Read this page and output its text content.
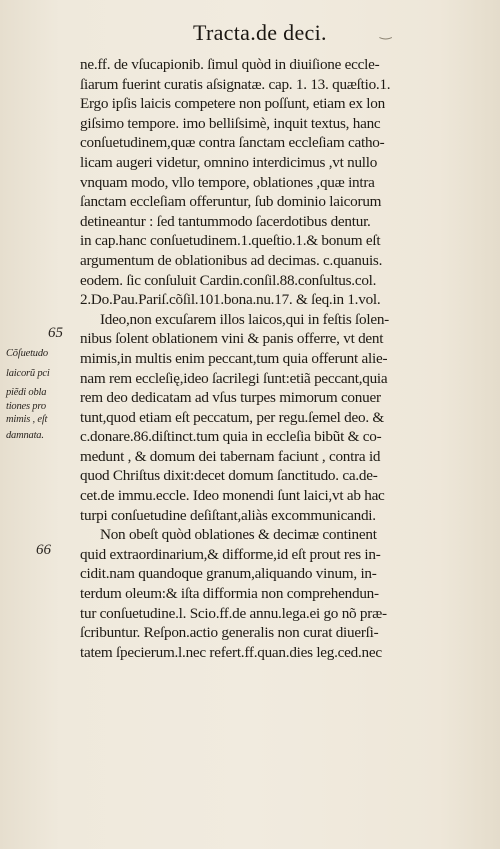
Tracta.de deci.	‿
65
66
Cõſuetudo
laicorũ pci
piẽdi obla
tiones pro
mimis , eſt
damnata.
ne.ff. de vſucapionib. ſimul quòd in diuiſione eccle-
ſiarum fuerint curatis aſsignatæ. cap. 1. 13. quæſtio.1.
Ergo ipſis laicis competere non poſſunt, etiam ex lon
giſsimo tempore. imo belliſsimè, inquit textus, hanc
conſuetudinem,quæ contra ſanctam eccleſiam catho-
licam augeri videtur, omnino interdicimus ,vt nullo
vnquam modo, vllo tempore, oblationes ,quæ intra
ſanctam eccleſiam offeruntur, ſub dominio laicorum
detineantur : ſed tantummodo ſacerdotibus dentur.
in cap.hanc conſuetudinem.1.queſtio.1.& bonum eſt
argumentum de oblationibus ad decimas. c.quanuis.
eodem. ſic conſuluit Cardin.conſil.88.conſultus.col.
2.Do.Pau.Pariſ.cõſil.101.bona.nu.17. & ſeq.in 1.vol.
Ideo,non excuſarem illos laicos,qui in feſtis ſolen-
nibus ſolent oblationem vini & panis offerre, vt dent
mimis,in multis enim peccant,tum quia offerunt alie-
nam rem eccleſię,ideo ſacrilegi ſunt:etiã peccant,quia
rem deo dedicatam ad vſus turpes mimorum conuer
tunt,quod etiam eſt peccatum, per regu.ſemel deo. &
c.donare.86.diſtinct.tum quia in eccleſia bibũt & co-
medunt , & domum dei tabernam faciunt , contra id
quod Chriſtus dixit:decet domum ſanctitudo. ca.de-
cet.de immu.eccle. Ideo monendi ſunt laici,vt ab hac
turpi conſuetudine deſiſtant,aliàs excommunicandi.
Non obeſt quòd oblationes & decimæ continent
quid extraordinarium,& difforme,id eſt prout res in-
cidit.nam quandoque granum,aliquando vinum, in-
terdum oleum:& iſta difformia non comprehendun-
tur conſuetudine.l. Scio.ff.de annu.lega.ei go nõ præ-
ſcribuntur. Reſpon.actio generalis non curat diuerſi-
tatem ſpecierum.l.nec refert.ff.quan.dies leg.ced.nec
